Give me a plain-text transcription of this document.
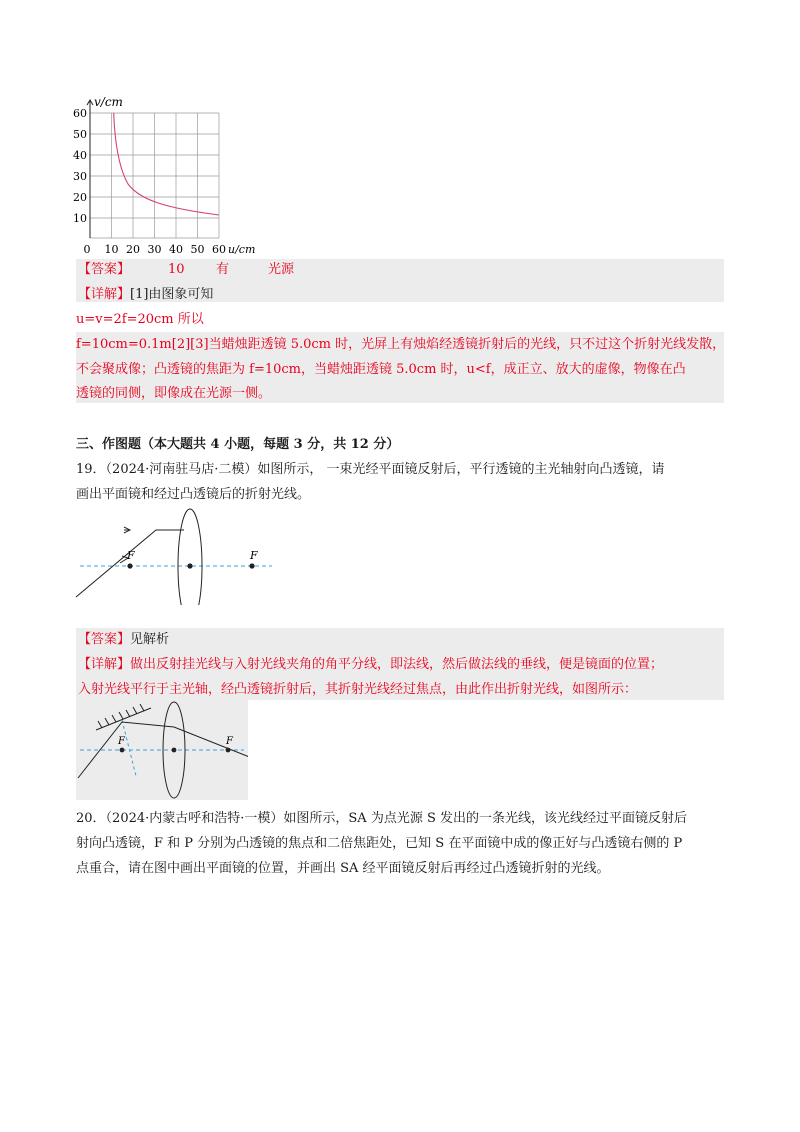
v/cm
0 10 20 30 40 50 60 u/cm
60
50
40
30
20
10
【答案】	10 有	光源
【详解】[1]由图象可知
u=v=2f=20cm 所以
f=10cm=0.1m[2][3]当蜡烛距透镜 5.0cm 时，光屏上有烛焰经透镜折射后的光线，只不过这个折射光线发散，
不会聚成像；凸透镜的焦距为 f=10cm，当蜡烛距透镜 5.0cm 时，u<f，成正立、放大的虚像，物像在凸
透镜的同侧，即像成在光源一侧。
三、作图题（本大题共 4 小题，每题 3 分，共 12 分）
19．（2024·河南驻马店·二模）如图所示， 一束光经平面镜反射后，平行透镜的主光轴射向凸透镜，请
画出平面镜和经过凸透镜后的折射光线。
F	F
【答案】见解析
【详解】做出反射挂光线与入射光线夹角的角平分线，即法线，然后做法线的垂线，便是镜面的位置；
入射光线平行于主光轴，经凸透镜折射后，其折射光线经过焦点，由此作出折射光线，如图所示：
F	F
20．（2024·内蒙古呼和浩特·一模）如图所示，SA 为点光源 S 发出的一条光线，该光线经过平面镜反射后
射向凸透镜，F 和 P 分别为凸透镜的焦点和二倍焦距处，已知 S 在平面镜中成的像正好与凸透镜右侧的 P
点重合，请在图中画出平面镜的位置，并画出 SA 经平面镜反射后再经过凸透镜折射的光线。
